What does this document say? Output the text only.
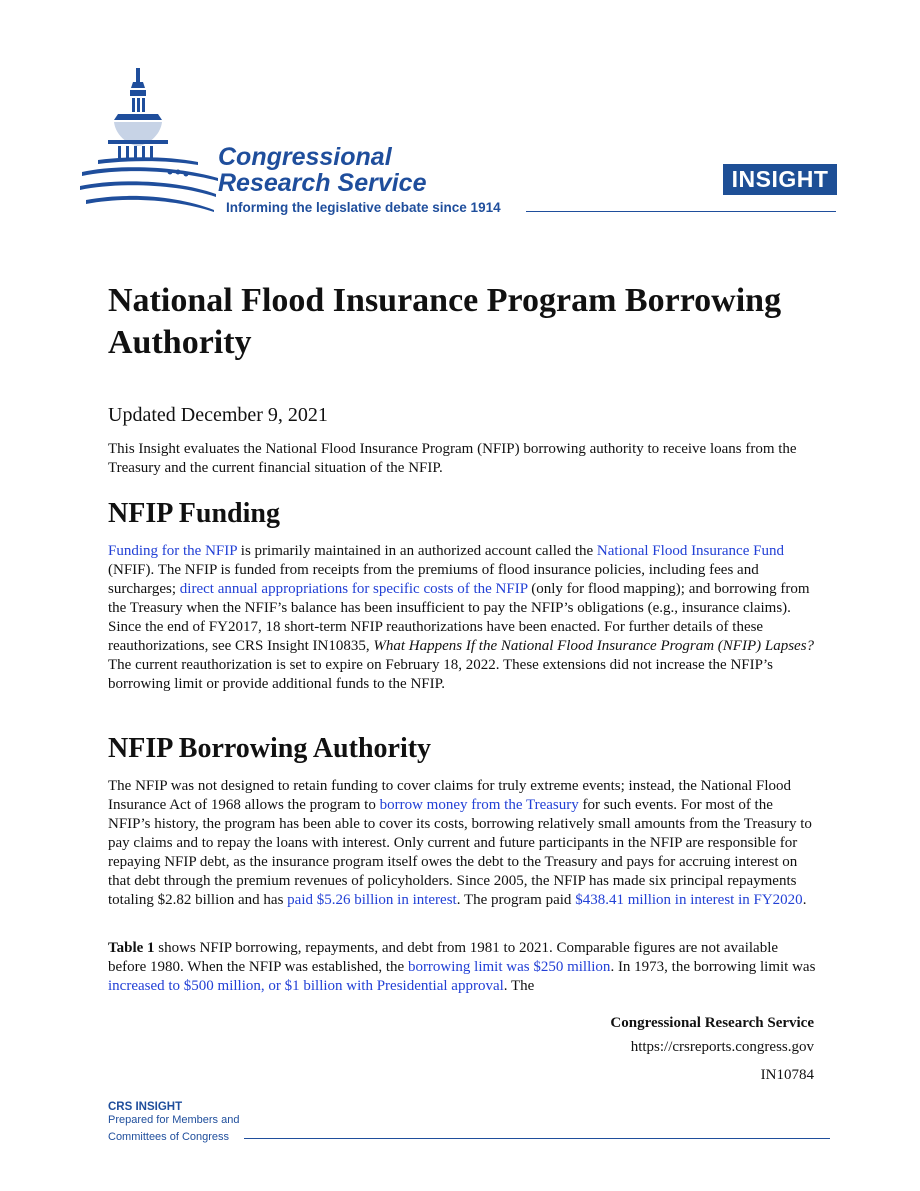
Congressional
Research Service
Informing the legislative debate since 1914
INSIGHT
National Flood Insurance Program Borrowing Authority
Updated December 9, 2021

This Insight evaluates the National Flood Insurance Program (NFIP) borrowing authority to receive loans from the Treasury and the current financial situation of the NFIP.

NFIP Funding

Funding for the NFIP is primarily maintained in an authorized account called the National Flood Insurance Fund (NFIF). The NFIP is funded from receipts from the premiums of flood insurance policies, including fees and surcharges; direct annual appropriations for specific costs of the NFIP (only for flood mapping); and borrowing from the Treasury when the NFIF’s balance has been insufficient to pay the NFIP’s obligations (e.g., insurance claims). Since the end of FY2017, 18 short-term NFIP reauthorizations have been enacted. For further details of these reauthorizations, see CRS Insight IN10835, What Happens If the National Flood Insurance Program (NFIP) Lapses? The current reauthorization is set to expire on February 18, 2022. These extensions did not increase the NFIP’s borrowing limit or provide additional funds to the NFIP.

NFIP Borrowing Authority

The NFIP was not designed to retain funding to cover claims for truly extreme events; instead, the National Flood Insurance Act of 1968 allows the program to borrow money from the Treasury for such events. For most of the NFIP’s history, the program has been able to cover its costs, borrowing relatively small amounts from the Treasury to pay claims and to repay the loans with interest. Only current and future participants in the NFIP are responsible for repaying NFIP debt, as the insurance program itself owes the debt to the Treasury and pays for accruing interest on that debt through the premium revenues of policyholders. Since 2005, the NFIP has made six principal repayments totaling $2.82 billion and has paid $5.26 billion in interest. The program paid $438.41 million in interest in FY2020.

Table 1 shows NFIP borrowing, repayments, and debt from 1981 to 2021. Comparable figures are not available before 1980. When the NFIP was established, the borrowing limit was $250 million. In 1973, the borrowing limit was increased to $500 million, or $1 billion with Presidential approval. The

Congressional Research Service
https://crsreports.congress.gov
IN10784
CRS INSIGHT
Prepared for Members and
Committees of Congress
